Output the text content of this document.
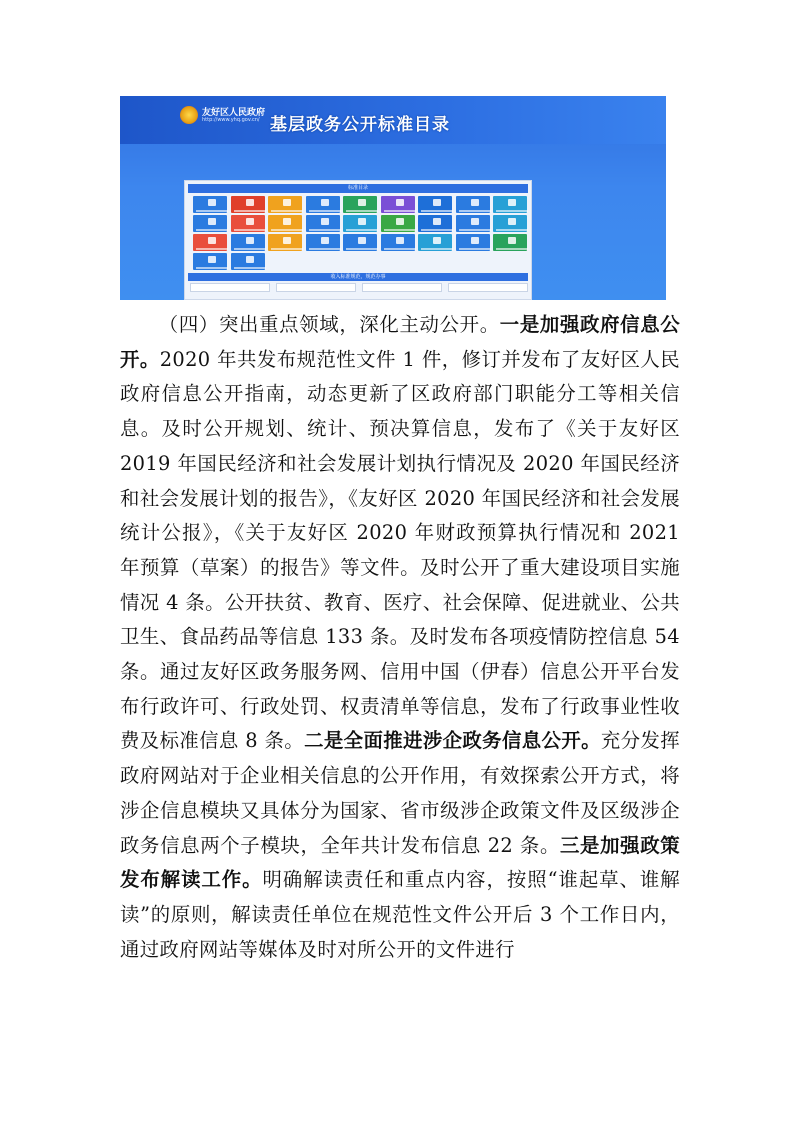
友好区人民政府
http://www.yhq.gov.cn/ 基层政务公开标准目录
标准目录
收入标准规范，规范办事

（四）突出重点领域，深化主动公开。一是加强政府信息公开。2020 年共发布规范性文件 1 件，修订并发布了友好区人民政府信息公开指南，动态更新了区政府部门职能分工等相关信息。及时公开规划、统计、预决算信息，发布了《关于友好区 2019 年国民经济和社会发展计划执行情况及 2020 年国民经济和社会发展计划的报告》，《友好区 2020 年国民经济和社会发展统计公报》，《关于友好区 2020 年财政预算执行情况和 2021 年预算（草案）的报告》等文件。及时公开了重大建设项目实施情况 4 条。公开扶贫、教育、医疗、社会保障、促进就业、公共卫生、食品药品等信息 133 条。及时发布各项疫情防控信息 54 条。通过友好区政务服务网、信用中国（伊春）信息公开平台发布行政许可、行政处罚、权责清单等信息，发布了行政事业性收费及标准信息 8 条。二是全面推进涉企政务信息公开。充分发挥政府网站对于企业相关信息的公开作用，有效探索公开方式，将涉企信息模块又具体分为国家、省市级涉企政策文件及区级涉企政务信息两个子模块，全年共计发布信息 22 条。三是加强政策发布解读工作。明确解读责任和重点内容，按照“谁起草、谁解读”的原则，解读责任单位在规范性文件公开后 3 个工作日内，通过政府网站等媒体及时对所公开的文件进行
